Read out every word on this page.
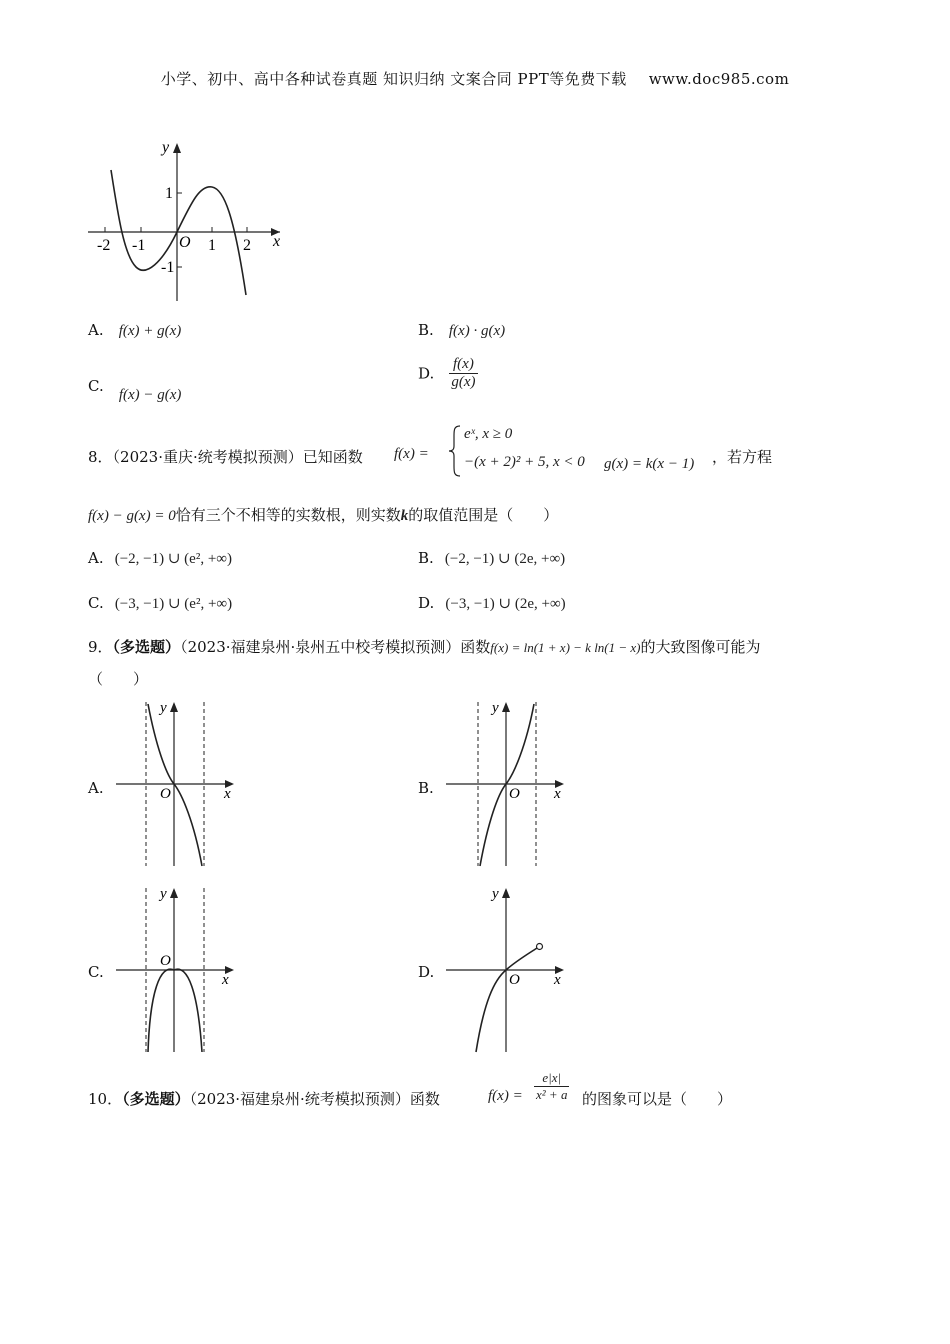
小学、初中、高中各种试卷真题 知识归纳 文案合同 PPT等免费下载 www.doc985.com
-2 -1	1 2
1
-1
x
y
O
A. f(x) + g(x)	B. f(x) · g(x)
C. f(x) − g(x)
D. $\frac{f(x)}{g(x)}$
8．（2023·重庆·统考模拟预测）已知函数 f(x) =
eˣ, x ≥ 0
−(x + 2)² + 5, x < 0 g(x) = k(x − 1) ，若方程
f(x) − g(x) = 0恰有三个不相等的实数根，则实数k的取值范围是（　　）
A. (−2, −1) ∪ (e², +∞)	B. (−2, −1) ∪ (2e, +∞)
C. (−3, −1) ∪ (e², +∞)	D. (−3, −1) ∪ (2e, +∞)
9．（多选题）（2023·福建泉州·泉州五中校考模拟预测）函数f(x) = ln(1 + x) − k ln(1 − x)的大致图像可能为
（　　）
A.
y
x
O	B.
y
x
O
C.
y
x
O
D.
y
x
O
10．（多选题）（2023·福建泉州·统考模拟预测）函数	$f(x) = \frac{e|x|}{\text{x² + a}}$ 的图象可以是（　　）
